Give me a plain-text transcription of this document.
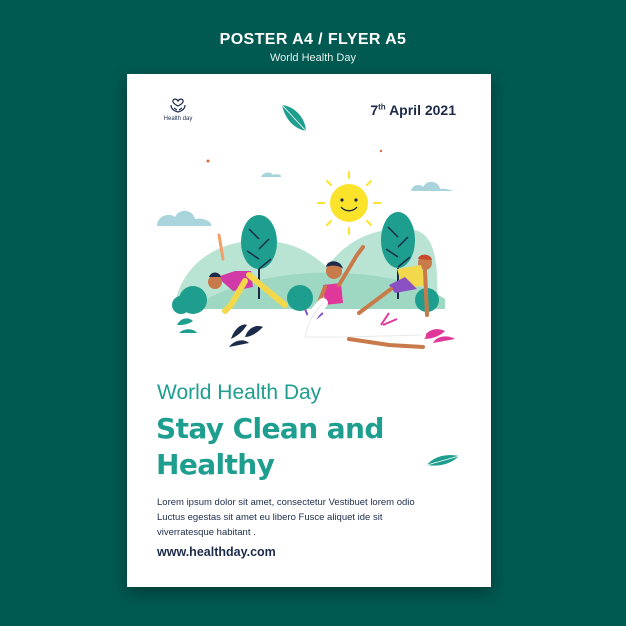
POSTER A4 / FLYER A5
World Health Day
Health day
7th April 2021
World Health Day
Stay Clean and Healthy
Lorem ipsum dolor sit amet, consectetur Vestibuet lorem odio Luctus egestas sit amet eu libero Fusce aliquet ide sit viverratesque habitant .
www.healthday.com
